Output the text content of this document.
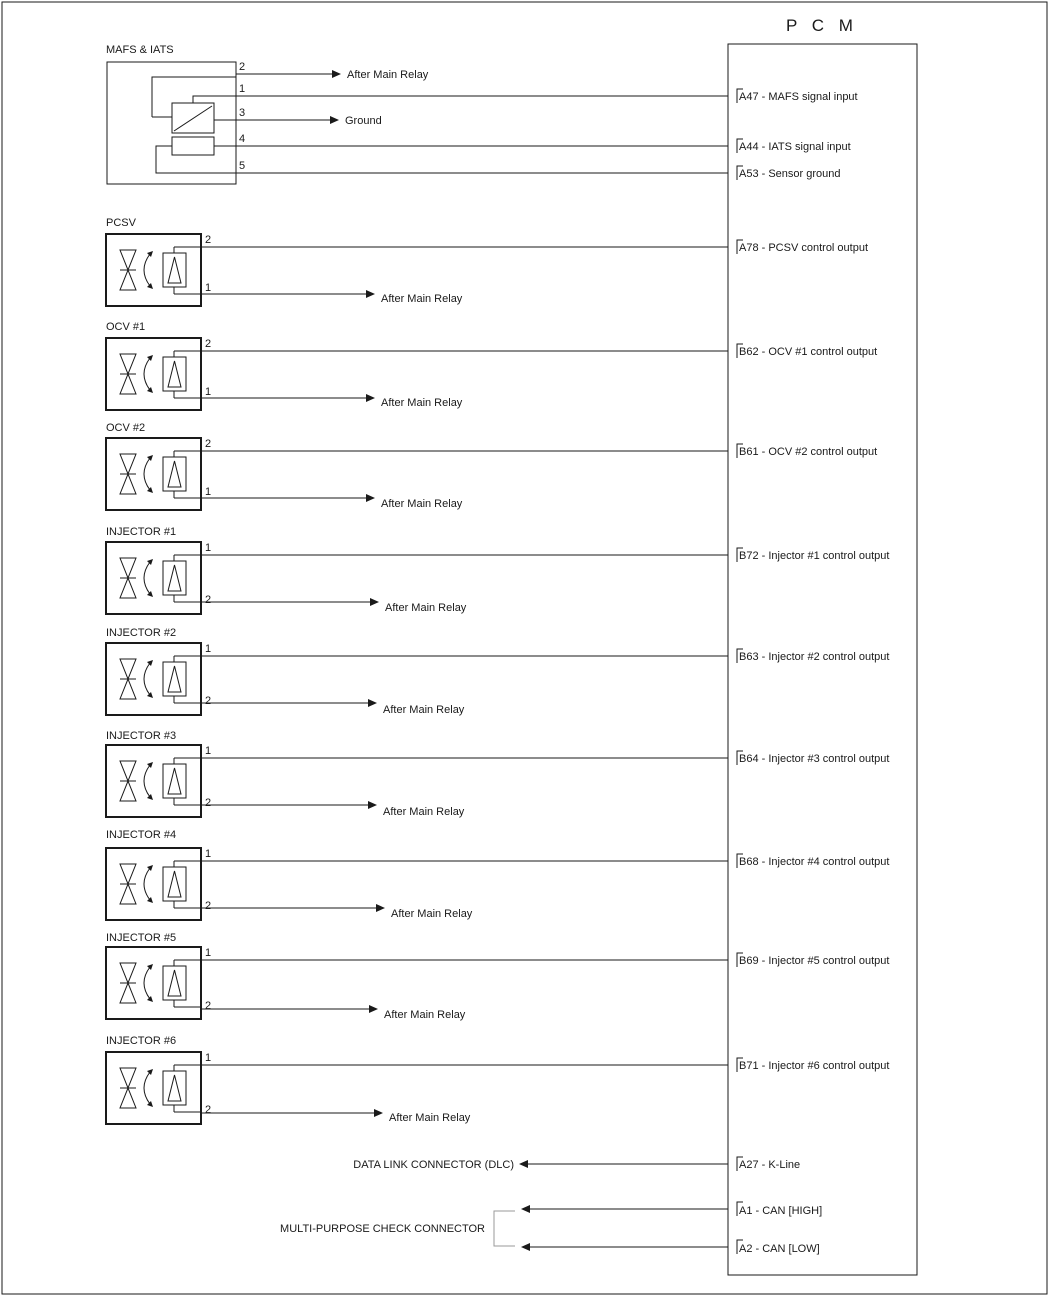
P C M
MAFS & IATS
2
1
3
4
5
After Main Relay
Ground
A47 - MAFS signal input
A44 - IATS signal input
A53 - Sensor ground
PCSV
2
1
After Main Relay
A78 - PCSV control output
OCV #1
2
1
After Main Relay
B62 - OCV #1 control output
OCV #2
2
1
After Main Relay
B61 - OCV #2 control output
INJECTOR #1
1
2
After Main Relay
B72 - Injector #1 control output
INJECTOR #2
1
2
After Main Relay
B63 - Injector #2 control output
INJECTOR #3
1
2
After Main Relay
B64 - Injector #3 control output
INJECTOR #4
1
2
After Main Relay
B68 - Injector #4 control output
INJECTOR #5
1
2
After Main Relay
B69 - Injector #5 control output
INJECTOR #6
1
2
After Main Relay
B71 - Injector #6 control output
DATA LINK CONNECTOR (DLC)	A27 - K-Line
MULTI-PURPOSE CHECK CONNECTOR
A1 - CAN [HIGH]
A2 - CAN [LOW]
